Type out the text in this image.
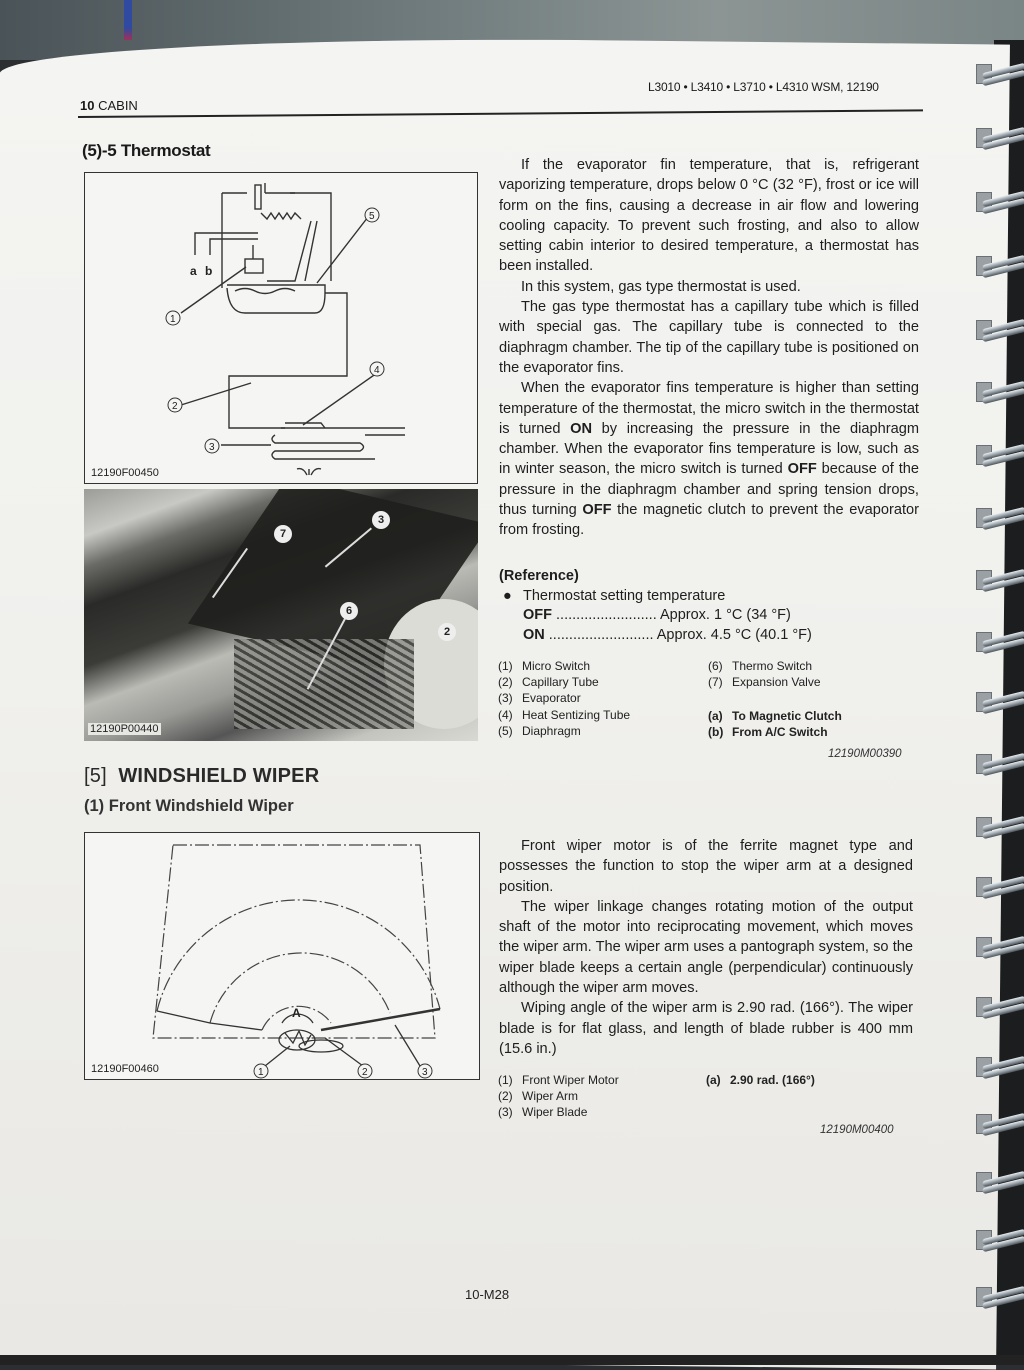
10 CABIN
L3010 • L3410 • L3710 • L4310 WSM, 12190
(5)-5 Thermostat
1
2
3
4
5
a b
12190F00450
7
3
6
2
12190P00440

If the evaporator fin temperature, that is, refrigerant vaporizing temperature, drops below 0 °C (32 °F), frost or ice will form on the fins, causing a decrease in air flow and lowering cooling capacity. To prevent such frosting, and also to allow setting cabin interior to desired temperature, a thermostat has been installed.

In this system, gas type thermostat is used.

The gas type thermostat has a capillary tube which is filled with special gas. The capillary tube is connected to the diaphragm chamber. The tip of the capillary tube is positioned on the evaporator fins.

When the evaporator fins temperature is higher than setting temperature of the thermostat, the micro switch in the thermostat is turned ON by increasing the pressure in the diaphragm chamber. When the evaporator fins temperature is low, such as in winter season, the micro switch is turned OFF because of the pressure in the diaphragm chamber and spring tension drops, thus turning OFF the magnetic clutch to prevent the evaporator from frosting.

(Reference)
● Thermostat setting temperature
OFF ......................... Approx. 1 °C (34 °F)
ON .......................... Approx. 4.5 °C (40.1 °F)
(1) Micro Switch
(2) Capillary Tube
(3) Evaporator
(4) Heat Sentizing Tube
(5) Diaphragm
(6) Thermo Switch
(7) Expansion Valve
(a) To Magnetic Clutch
(b) From A/C Switch
12190M00390
[5] WINDSHIELD WIPER
(1) Front Windshield Wiper
A
1	2	3
12190F00460

Front wiper motor is of the ferrite magnet type and possesses the function to stop the wiper arm at a designed position.

The wiper linkage changes rotating motion of the output shaft of the motor into reciprocating movement, which moves the wiper arm. The wiper arm uses a pantograph system, so the wiper blade keeps a certain angle (perpendicular) continuously although the wiper arm moves.

Wiping angle of the wiper arm is 2.90 rad. (166°). The wiper blade is for flat glass, and length of blade rubber is 400 mm (15.6 in.)

(1) Front Wiper Motor
(2) Wiper Arm
(3) Wiper Blade
(a) 2.90 rad. (166°)
12190M00400
10-M28
